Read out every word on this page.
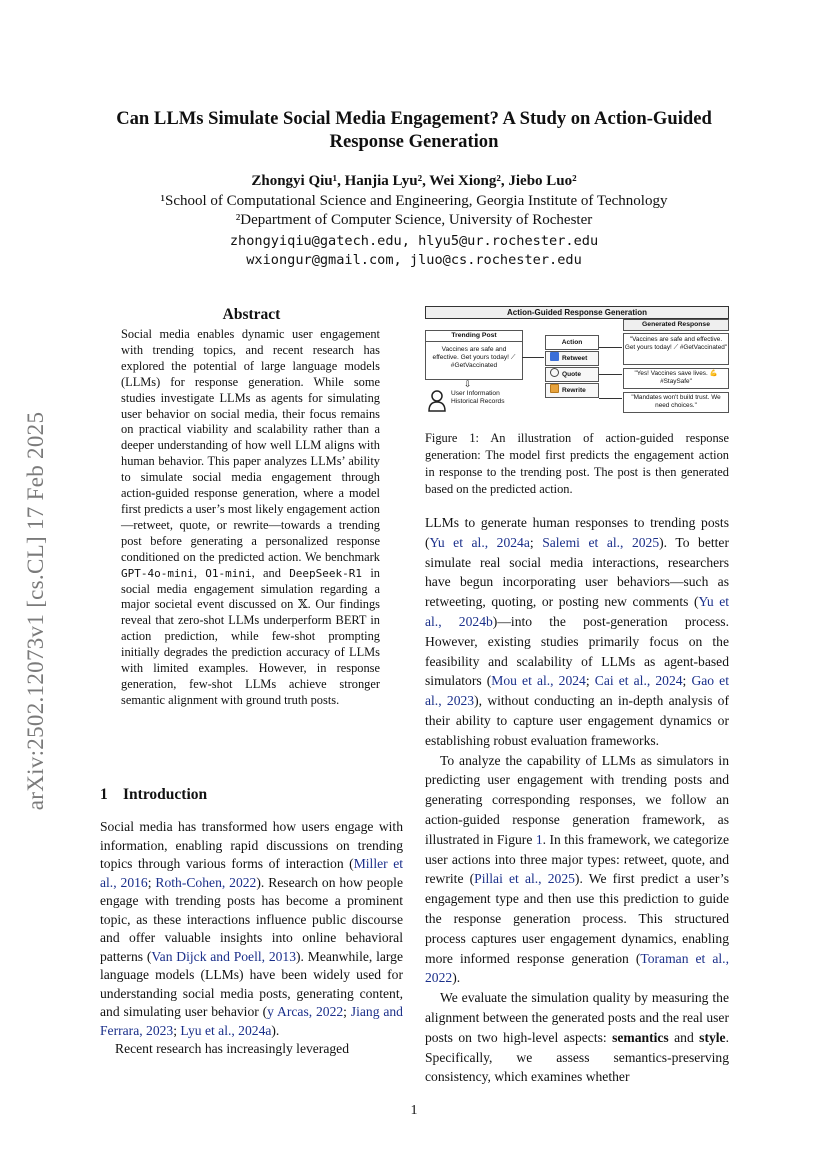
arXiv:2502.12073v1 [cs.CL] 17 Feb 2025
Can LLMs Simulate Social Media Engagement? A Study on Action-Guided
Response Generation
Zhongyi Qiu¹, Hanjia Lyu², Wei Xiong², Jiebo Luo²
¹School of Computational Science and Engineering, Georgia Institute of Technology
²Department of Computer Science, University of Rochester
zhongyiqiu@gatech.edu, hlyu5@ur.rochester.edu
wxiongur@gmail.com, jluo@cs.rochester.edu
Abstract
Social media enables dynamic user engagement with trending topics, and recent research has explored the potential of large language models (LLMs) for response generation. While some studies investigate LLMs as agents for simulating user behavior on social media, their focus remains on practical viability and scalability rather than a deeper understanding of how well LLM aligns with human behavior. This paper analyzes LLMs’ ability to simulate social media engagement through action-guided response generation, where a model first predicts a user’s most likely engagement action—retweet, quote, or rewrite—towards a trending post before generating a personalized response conditioned on the predicted action. We benchmark GPT-4o-mini, O1-mini, and DeepSeek-R1 in social media engagement simulation regarding a major societal event discussed on 𝕏. Our findings reveal that zero-shot LLMs underperform BERT in action prediction, while few-shot prompting initially degrades the prediction accuracy of LLMs with limited examples. However, in response generation, few-shot LLMs achieve stronger semantic alignment with ground truth posts.
1 Introduction

Social media has transformed how users engage with information, enabling rapid discussions on trending topics through various forms of interaction (Miller et al., 2016; Roth-Cohen, 2022). Research on how people engage with trending posts has become a prominent topic, as these interactions influence public discourse and offer valuable insights into online behavioral patterns (Van Dijck and Poell, 2013). Meanwhile, large language models (LLMs) have been widely used for understanding social media posts, generating content, and simulating user behavior (y Arcas, 2022; Jiang and Ferrara, 2023; Lyu et al., 2024a).

Recent research has increasingly leveraged

Action-Guided Response Generation
Trending Post
Vaccines are safe and effective. Get yours today! ⟋ #GetVaccinated
⇩
User Information Historical Records
Action
Retweet
Quote
Rewrite
Generated Response
"Vaccines are safe and effective. Get yours today! ⟋ #GetVaccinated"
"Yes! Vaccines save lives. 💪 #StaySafe"
"Mandates won't build trust. We need choices."
Figure 1: An illustration of action-guided response generation: The model first predicts the engagement action in response to the trending post. The post is then generated based on the predicted action.

LLMs to generate human responses to trending posts (Yu et al., 2024a; Salemi et al., 2025). To better simulate real social media interactions, researchers have begun incorporating user behaviors—such as retweeting, quoting, or posting new comments (Yu et al., 2024b)—into the post-generation process. However, existing studies primarily focus on the feasibility and scalability of LLMs as agent-based simulators (Mou et al., 2024; Cai et al., 2024; Gao et al., 2023), without conducting an in-depth analysis of their ability to capture user engagement dynamics or establishing robust evaluation frameworks.

To analyze the capability of LLMs as simulators in predicting user engagement with trending posts and generating corresponding responses, we follow an action-guided response generation framework, as illustrated in Figure 1. In this framework, we categorize user actions into three major types: retweet, quote, and rewrite (Pillai et al., 2025). We first predict a user’s engagement type and then use this prediction to guide the response generation process. This structured process captures user engagement dynamics, enabling more informed response generation (Toraman et al., 2022).

We evaluate the simulation quality by measuring the alignment between the generated posts and the real user posts on two high-level aspects: semantics and style. Specifically, we assess semantics-preserving consistency, which examines whether

1
